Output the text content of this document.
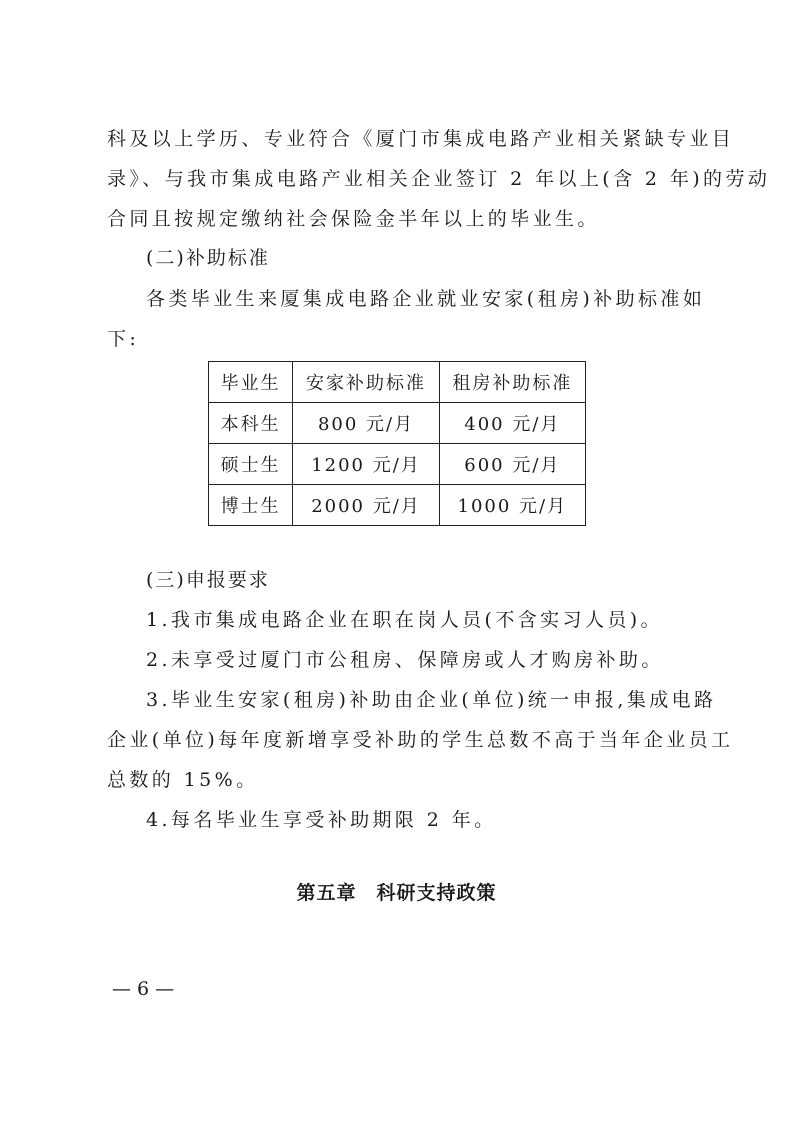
科及以上学历、专业符合《厦门市集成电路产业相关紧缺专业目
录》、与我市集成电路产业相关企业签订 2 年以上(含 2 年)的劳动
合同且按规定缴纳社会保险金半年以上的毕业生。
(二)补助标准
各类毕业生来厦集成电路企业就业安家(租房)补助标准如
下:
毕业生	安家补助标准	租房补助标准
本科生	800 元/月	400 元/月
硕士生	1200 元/月	600 元/月
博士生	2000 元/月	1000 元/月
(三)申报要求
1.我市集成电路企业在职在岗人员(不含实习人员)。
2.未享受过厦门市公租房、保障房或人才购房补助。
3.毕业生安家(租房)补助由企业(单位)统一申报,集成电路
企业(单位)每年度新增享受补助的学生总数不高于当年企业员工
总数的 15%。
4.每名毕业生享受补助期限 2 年。
第五章　科研支持政策
— 6 —
